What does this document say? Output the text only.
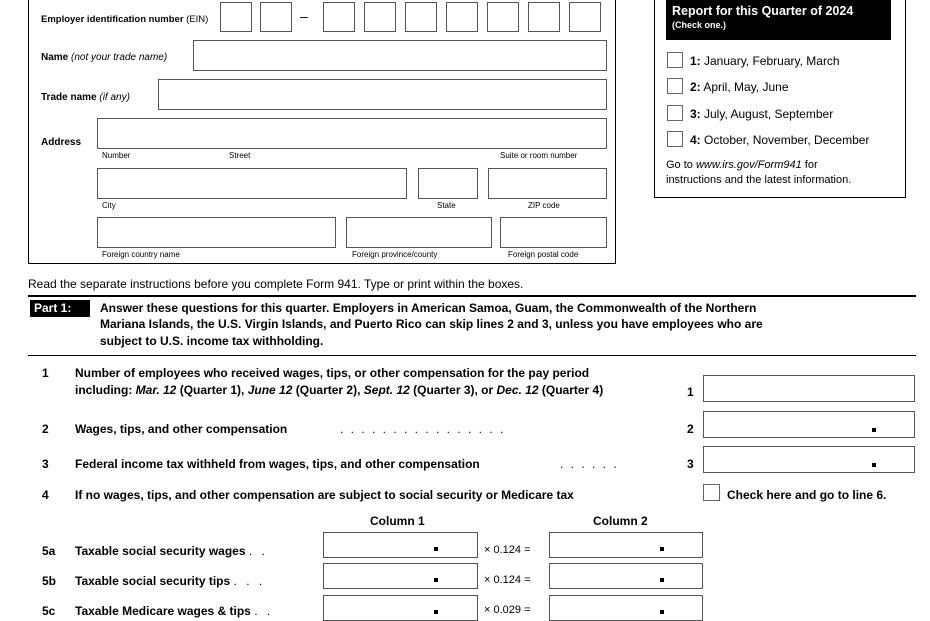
Employer identification number (EIN)	–
Name (not your trade name)
Trade name (if any)
Address
Number	Street	Suite or room number
City	State	ZIP code
Foreign country name	Foreign province/county	Foreign postal code
Report for this Quarter of 2024
(Check one.)
1: January, February, March
2: April, May, June
3: July, August, September
4: October, November, December
Go to www.irs.gov/Form941 for
instructions and the latest information.
Read the separate instructions before you complete Form 941. Type or print within the boxes.
Part 1:	Answer these questions for this quarter. Employers in American Samoa, Guam, the Commonwealth of the Northern
Mariana Islands, the U.S. Virgin Islands, and Puerto Rico can skip lines 2 and 3, unless you have employees who are
subject to U.S. income tax withholding.
1 Number of employees who received wages, tips, or other compensation for the pay period
including: Mar. 12 (Quarter 1), June 12 (Quarter 2), Sept. 12 (Quarter 3), or Dec. 12 (Quarter 4)	1
2 Wages, tips, and other compensation	. . . . . . . . . . . . . . . .	2
3 Federal income tax withheld from wages, tips, and other compensation	. . . . . .	3
4 If no wages, tips, and other compensation are subject to social security or Medicare tax	Check here and go to line 6.
Column 1	Column 2
5a Taxable social security wages . .	× 0.124 =
5b Taxable social security tips . . .	× 0.124 =
5c Taxable Medicare wages & tips . .	× 0.029 =
